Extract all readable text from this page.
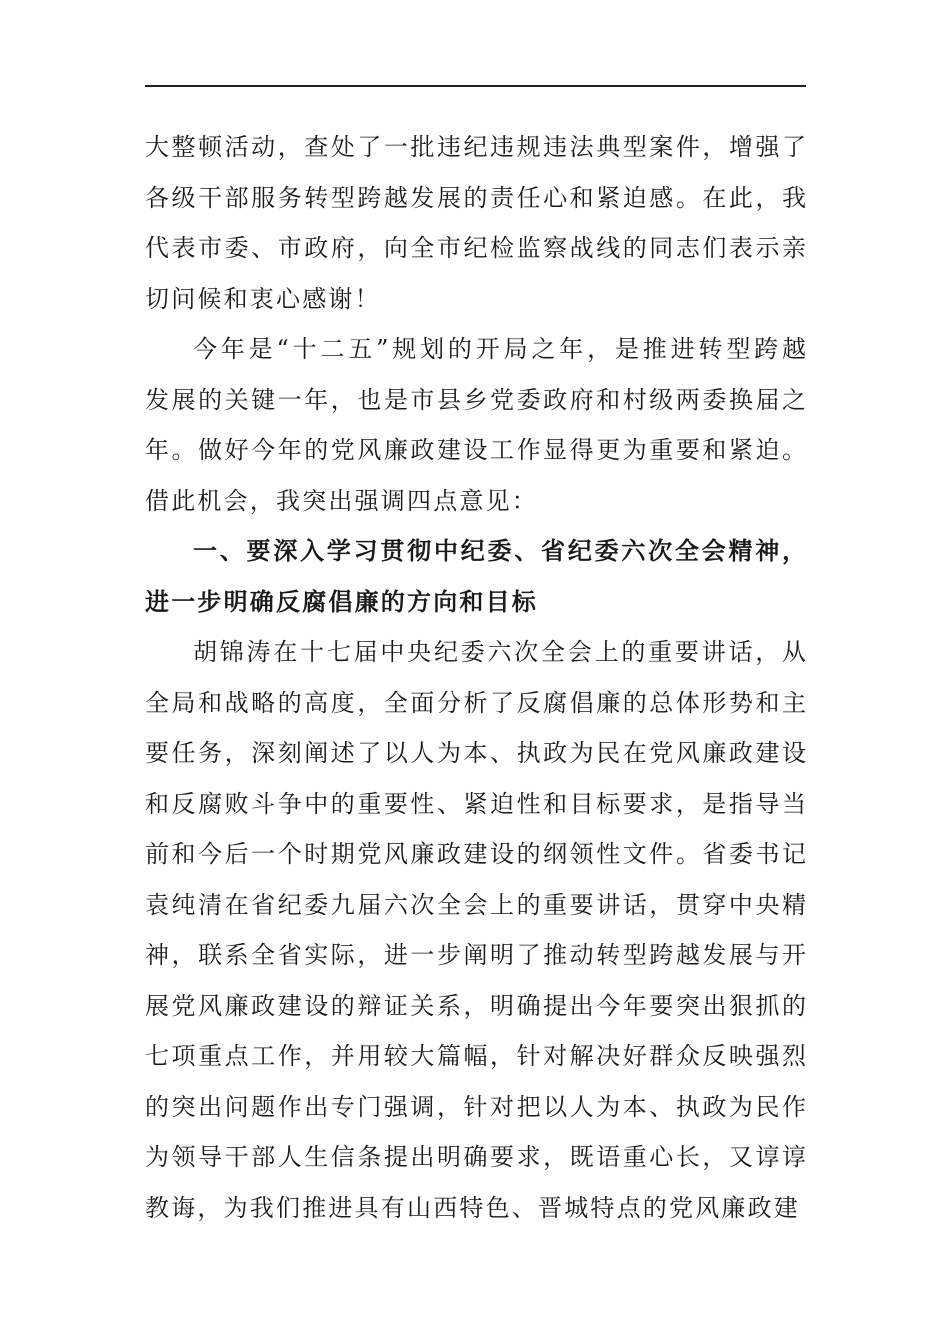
大整顿活动，查处了一批违纪违规违法典型案件，增强了
各级干部服务转型跨越发展的责任心和紧迫感。在此，我
代表市委、市政府，向全市纪检监察战线的同志们表示亲
切问候和衷心感谢！
今年是“十二五”规划的开局之年，是推进转型跨越
发展的关键一年，也是市县乡党委政府和村级两委换届之
年。做好今年的党风廉政建设工作显得更为重要和紧迫。
借此机会，我突出强调四点意见：
一、要深入学习贯彻中纪委、省纪委六次全会精神，
进一步明确反腐倡廉的方向和目标
胡锦涛在十七届中央纪委六次全会上的重要讲话，从
全局和战略的高度，全面分析了反腐倡廉的总体形势和主
要任务，深刻阐述了以人为本、执政为民在党风廉政建设
和反腐败斗争中的重要性、紧迫性和目标要求，是指导当
前和今后一个时期党风廉政建设的纲领性文件。省委书记
袁纯清在省纪委九届六次全会上的重要讲话，贯穿中央精
神，联系全省实际，进一步阐明了推动转型跨越发展与开
展党风廉政建设的辩证关系，明确提出今年要突出狠抓的
七项重点工作，并用较大篇幅，针对解决好群众反映强烈
的突出问题作出专门强调，针对把以人为本、执政为民作
为领导干部人生信条提出明确要求，既语重心长，又谆谆
教诲，为我们推进具有山西特色、晋城特点的党风廉政建
